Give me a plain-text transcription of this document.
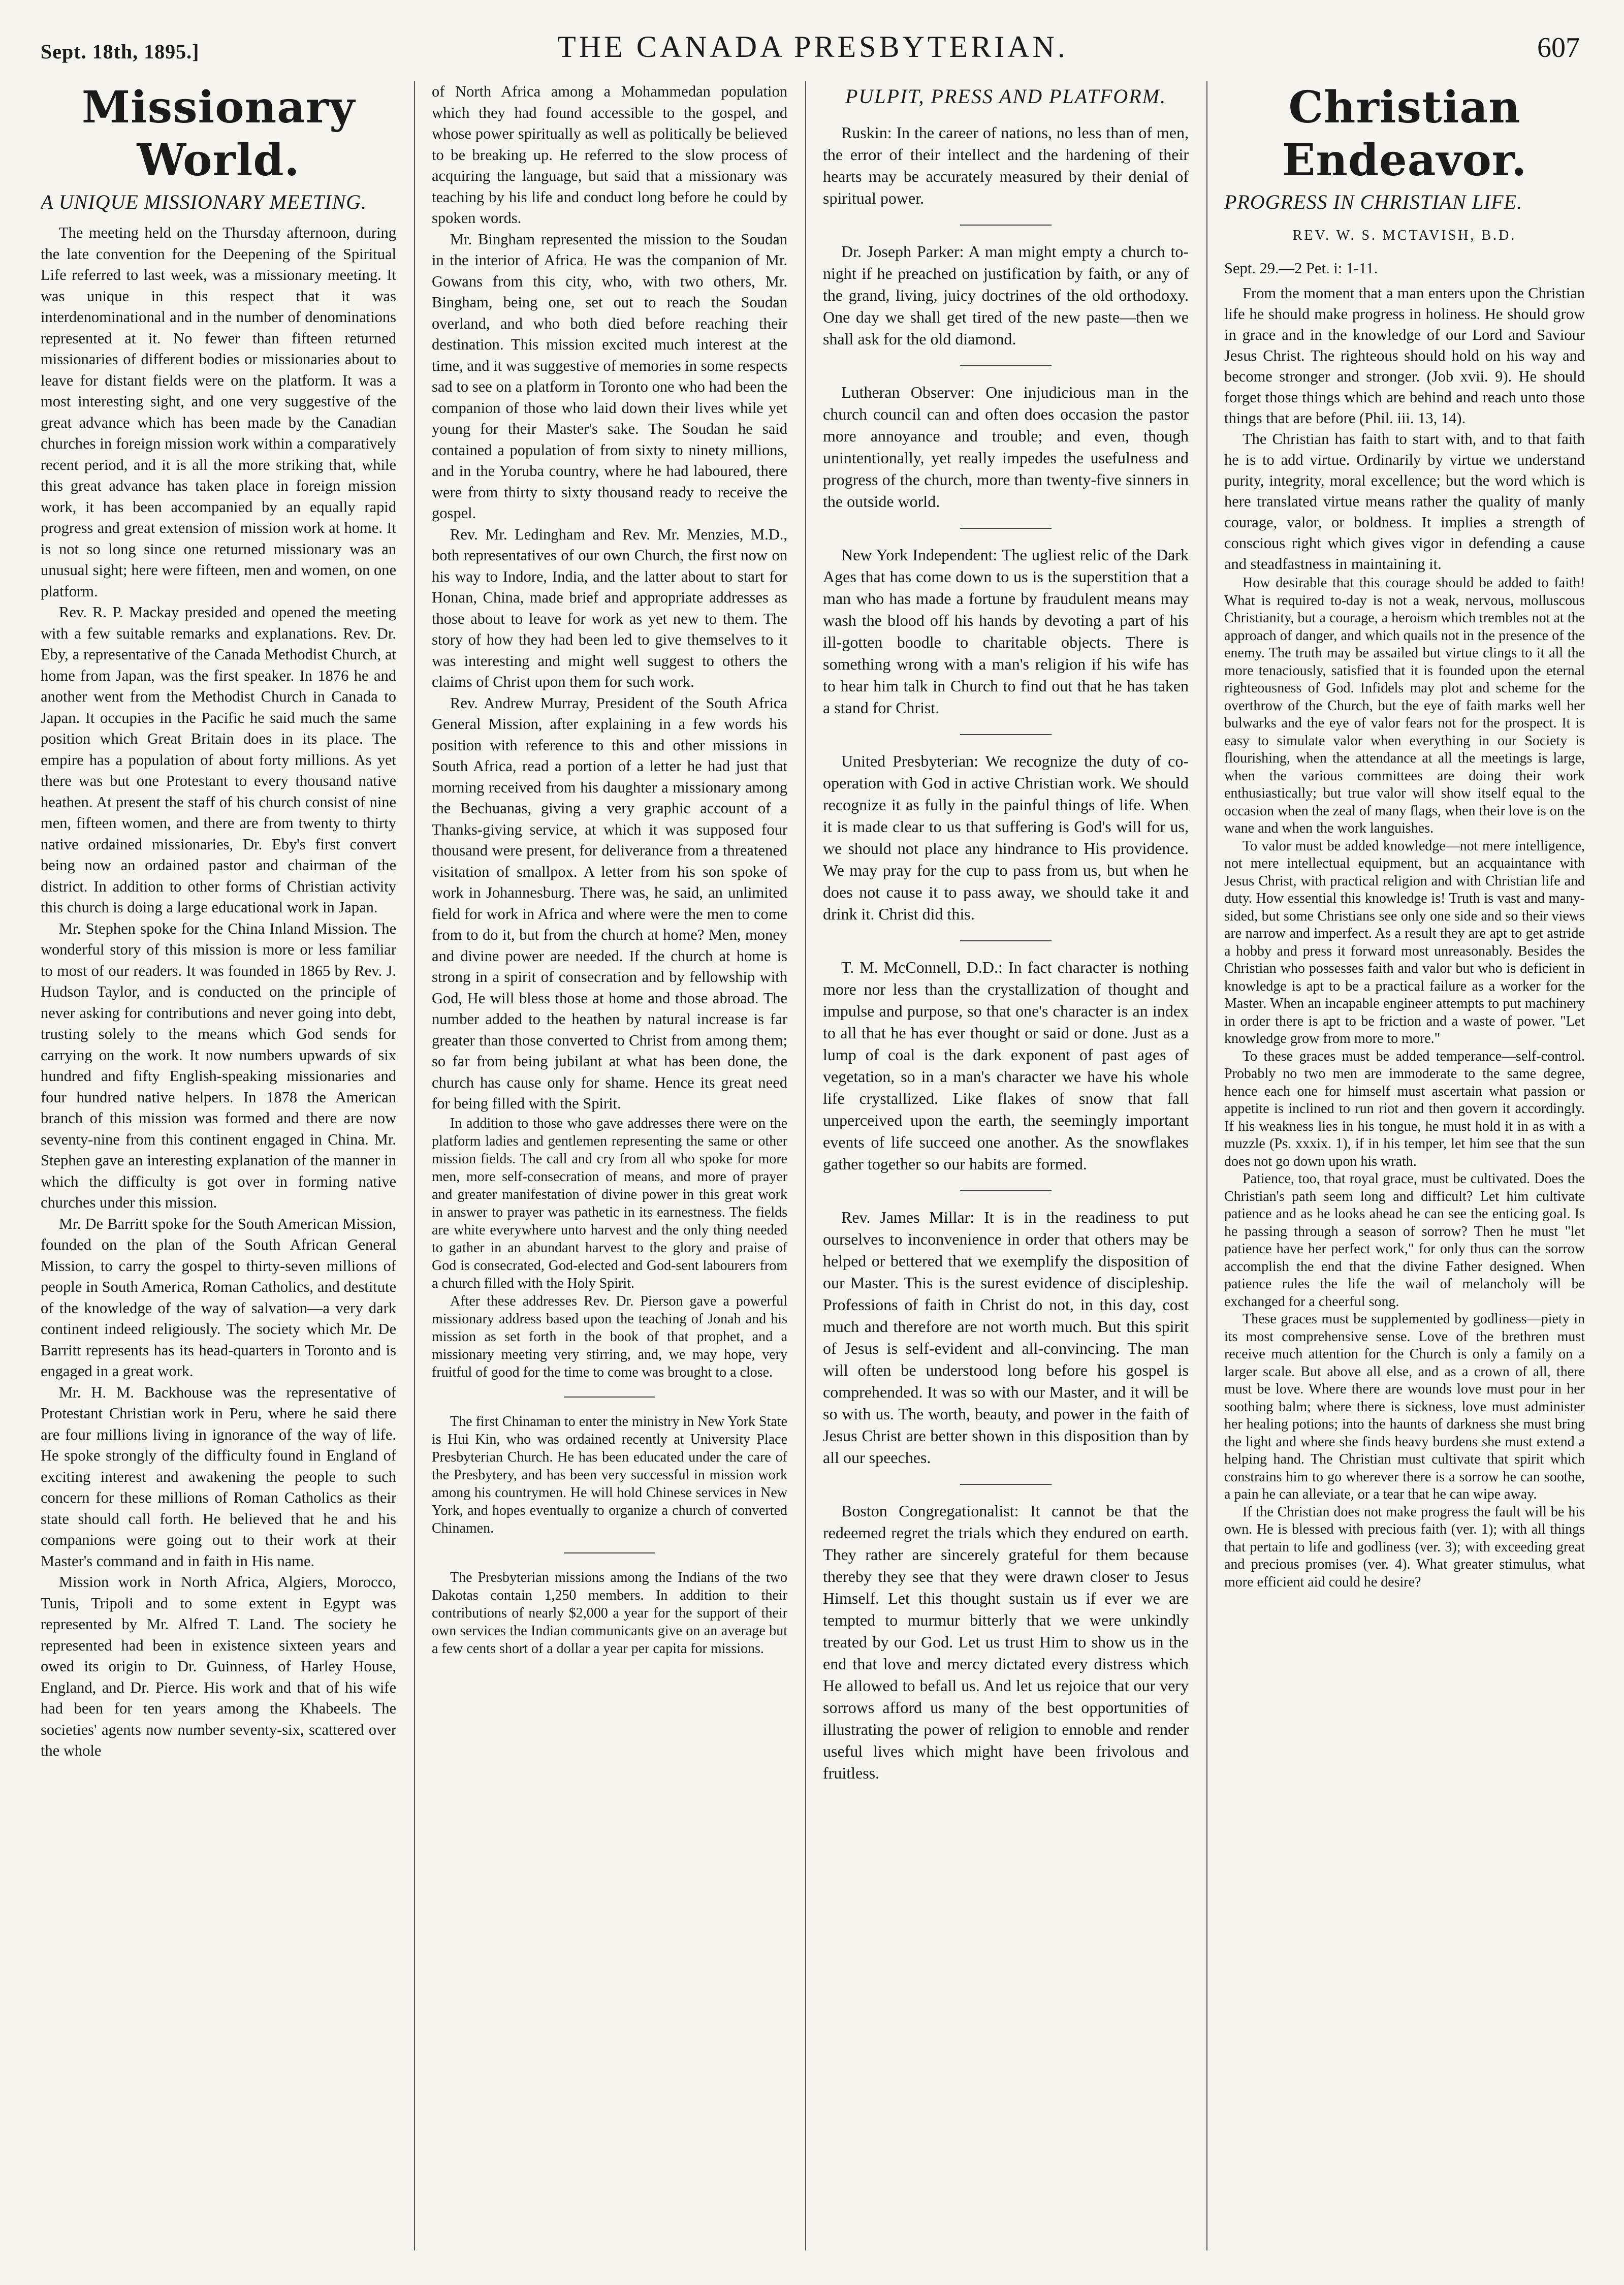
Sept. 18th, 1895.]	THE CANADA PRESBYTERIAN.	607
Missionary World.
A UNIQUE MISSIONARY MEETING.

The meeting held on the Thursday afternoon, during the late convention for the Deepening of the Spiritual Life referred to last week, was a missionary meeting. It was unique in this respect that it was interdenominational and in the number of denominations represented at it. No fewer than fifteen returned missionaries of different bodies or missionaries about to leave for distant fields were on the platform. It was a most interesting sight, and one very suggestive of the great advance which has been made by the Canadian churches in foreign mission work within a comparatively recent period, and it is all the more striking that, while this great advance has taken place in foreign mission work, it has been accompanied by an equally rapid progress and great extension of mission work at home. It is not so long since one returned missionary was an unusual sight; here were fifteen, men and women, on one platform.

Rev. R. P. Mackay presided and opened the meeting with a few suitable remarks and explanations. Rev. Dr. Eby, a representative of the Canada Methodist Church, at home from Japan, was the first speaker. In 1876 he and another went from the Methodist Church in Canada to Japan. It occupies in the Pacific he said much the same position which Great Britain does in its place. The empire has a population of about forty millions. As yet there was but one Protestant to every thousand native heathen. At present the staff of his church consist of nine men, fifteen women, and there are from twenty to thirty native ordained missionaries, Dr. Eby's first convert being now an ordained pastor and chairman of the district. In addition to other forms of Christian activity this church is doing a large educational work in Japan.

Mr. Stephen spoke for the China Inland Mission. The wonderful story of this mission is more or less familiar to most of our readers. It was founded in 1865 by Rev. J. Hudson Taylor, and is conducted on the principle of never asking for contributions and never going into debt, trusting solely to the means which God sends for carrying on the work. It now numbers upwards of six hundred and fifty English-speaking missionaries and four hundred native helpers. In 1878 the American branch of this mission was formed and there are now seventy-nine from this continent engaged in China. Mr. Stephen gave an interesting explanation of the manner in which the difficulty is got over in forming native churches under this mission.

Mr. De Barritt spoke for the South American Mission, founded on the plan of the South African General Mission, to carry the gospel to thirty-seven millions of people in South America, Roman Catholics, and destitute of the knowledge of the way of salvation—a very dark continent indeed religiously. The society which Mr. De Barritt represents has its head-quarters in Toronto and is engaged in a great work.

Mr. H. M. Backhouse was the representative of Protestant Christian work in Peru, where he said there are four millions living in ignorance of the way of life. He spoke strongly of the difficulty found in England of exciting interest and awakening the people to such concern for these millions of Roman Catholics as their state should call forth. He believed that he and his companions were going out to their work at their Master's command and in faith in His name.

Mission work in North Africa, Algiers, Morocco, Tunis, Tripoli and to some extent in Egypt was represented by Mr. Alfred T. Land. The society he represented had been in existence sixteen years and owed its origin to Dr. Guinness, of Harley House, England, and Dr. Pierce. His work and that of his wife had been for ten years among the Khabeels. The societies' agents now number seventy-six, scattered over the whole

of North Africa among a Mohammedan population which they had found accessible to the gospel, and whose power spiritually as well as politically be believed to be breaking up. He referred to the slow process of acquiring the language, but said that a missionary was teaching by his life and conduct long before he could by spoken words.

Mr. Bingham represented the mission to the Soudan in the interior of Africa. He was the companion of Mr. Gowans from this city, who, with two others, Mr. Bingham, being one, set out to reach the Soudan overland, and who both died before reaching their destination. This mission excited much interest at the time, and it was suggestive of memories in some respects sad to see on a platform in Toronto one who had been the companion of those who laid down their lives while yet young for their Master's sake. The Soudan he said contained a population of from sixty to ninety millions, and in the Yoruba country, where he had laboured, there were from thirty to sixty thousand ready to receive the gospel.

Rev. Mr. Ledingham and Rev. Mr. Menzies, M.D., both representatives of our own Church, the first now on his way to Indore, India, and the latter about to start for Honan, China, made brief and appropriate addresses as those about to leave for work as yet new to them. The story of how they had been led to give themselves to it was interesting and might well suggest to others the claims of Christ upon them for such work.

Rev. Andrew Murray, President of the South Africa General Mission, after explaining in a few words his position with reference to this and other missions in South Africa, read a portion of a letter he had just that morning received from his daughter a missionary among the Bechuanas, giving a very graphic account of a Thanks-giving service, at which it was supposed four thousand were present, for deliverance from a threatened visitation of smallpox. A letter from his son spoke of work in Johannesburg. There was, he said, an unlimited field for work in Africa and where were the men to come from to do it, but from the church at home? Men, money and divine power are needed. If the church at home is strong in a spirit of consecration and by fellowship with God, He will bless those at home and those abroad. The number added to the heathen by natural increase is far greater than those converted to Christ from among them; so far from being jubilant at what has been done, the church has cause only for shame. Hence its great need for being filled with the Spirit.

In addition to those who gave addresses there were on the platform ladies and gentlemen representing the same or other mission fields. The call and cry from all who spoke for more men, more self-consecration of means, and more of prayer and greater manifestation of divine power in this great work in answer to prayer was pathetic in its earnestness. The fields are white everywhere unto harvest and the only thing needed to gather in an abundant harvest to the glory and praise of God is consecrated, God-elected and God-sent labourers from a church filled with the Holy Spirit.

After these addresses Rev. Dr. Pierson gave a powerful missionary address based upon the teaching of Jonah and his mission as set forth in the book of that prophet, and a missionary meeting very stirring, and, we may hope, very fruitful of good for the time to come was brought to a close.

The first Chinaman to enter the ministry in New York State is Hui Kin, who was ordained recently at University Place Presbyterian Church. He has been educated under the care of the Presbytery, and has been very successful in mission work among his countrymen. He will hold Chinese services in New York, and hopes eventually to organize a church of converted Chinamen.

The Presbyterian missions among the Indians of the two Dakotas contain 1,250 members. In addition to their contributions of nearly $2,000 a year for the support of their own services the Indian communicants give on an average but a few cents short of a dollar a year per capita for missions.

PULPIT, PRESS AND PLATFORM.

Ruskin: In the career of nations, no less than of men, the error of their intellect and the hardening of their hearts may be accurately measured by their denial of spiritual power.

Dr. Joseph Parker: A man might empty a church to-night if he preached on justification by faith, or any of the grand, living, juicy doctrines of the old orthodoxy. One day we shall get tired of the new paste—then we shall ask for the old diamond.

Lutheran Observer: One injudicious man in the church council can and often does occasion the pastor more annoyance and trouble; and even, though unintentionally, yet really impedes the usefulness and progress of the church, more than twenty-five sinners in the outside world.

New York Independent: The ugliest relic of the Dark Ages that has come down to us is the superstition that a man who has made a fortune by fraudulent means may wash the blood off his hands by devoting a part of his ill-gotten boodle to charitable objects. There is something wrong with a man's religion if his wife has to hear him talk in Church to find out that he has taken a stand for Christ.

United Presbyterian: We recognize the duty of co-operation with God in active Christian work. We should recognize it as fully in the painful things of life. When it is made clear to us that suffering is God's will for us, we should not place any hindrance to His providence. We may pray for the cup to pass from us, but when he does not cause it to pass away, we should take it and drink it. Christ did this.

T. M. McConnell, D.D.: In fact character is nothing more nor less than the crystallization of thought and impulse and purpose, so that one's character is an index to all that he has ever thought or said or done. Just as a lump of coal is the dark exponent of past ages of vegetation, so in a man's character we have his whole life crystallized. Like flakes of snow that fall unperceived upon the earth, the seemingly important events of life succeed one another. As the snowflakes gather together so our habits are formed.

Rev. James Millar: It is in the readiness to put ourselves to inconvenience in order that others may be helped or bettered that we exemplify the disposition of our Master. This is the surest evidence of discipleship. Professions of faith in Christ do not, in this day, cost much and therefore are not worth much. But this spirit of Jesus is self-evident and all-convincing. The man will often be understood long before his gospel is comprehended. It was so with our Master, and it will be so with us. The worth, beauty, and power in the faith of Jesus Christ are better shown in this disposition than by all our speeches.

Boston Congregationalist: It cannot be that the redeemed regret the trials which they endured on earth. They rather are sincerely grateful for them because thereby they see that they were drawn closer to Jesus Himself. Let this thought sustain us if ever we are tempted to murmur bitterly that we were unkindly treated by our God. Let us trust Him to show us in the end that love and mercy dictated every distress which He allowed to befall us. And let us rejoice that our very sorrows afford us many of the best opportunities of illustrating the power of religion to ennoble and render useful lives which might have been frivolous and fruitless.

Christian Endeavor.
PROGRESS IN CHRISTIAN LIFE.
REV. W. S. MCTAVISH, B.D.

Sept. 29.—2 Pet. i: 1-11.

From the moment that a man enters upon the Christian life he should make progress in holiness. He should grow in grace and in the knowledge of our Lord and Saviour Jesus Christ. The righteous should hold on his way and become stronger and stronger. (Job xvii. 9). He should forget those things which are behind and reach unto those things that are before (Phil. iii. 13, 14).

The Christian has faith to start with, and to that faith he is to add virtue. Ordinarily by virtue we understand purity, integrity, moral excellence; but the word which is here translated virtue means rather the quality of manly courage, valor, or boldness. It implies a strength of conscious right which gives vigor in defending a cause and steadfastness in maintaining it.

How desirable that this courage should be added to faith! What is required to-day is not a weak, nervous, molluscous Christianity, but a courage, a heroism which trembles not at the approach of danger, and which quails not in the presence of the enemy. The truth may be assailed but virtue clings to it all the more tenaciously, satisfied that it is founded upon the eternal righteousness of God. Infidels may plot and scheme for the overthrow of the Church, but the eye of faith marks well her bulwarks and the eye of valor fears not for the prospect. It is easy to simulate valor when everything in our Society is flourishing, when the attendance at all the meetings is large, when the various committees are doing their work enthusiastically; but true valor will show itself equal to the occasion when the zeal of many flags, when their love is on the wane and when the work languishes.

To valor must be added knowledge—not mere intelligence, not mere intellectual equipment, but an acquaintance with Jesus Christ, with practical religion and with Christian life and duty. How essential this knowledge is! Truth is vast and many-sided, but some Christians see only one side and so their views are narrow and imperfect. As a result they are apt to get astride a hobby and press it forward most unreasonably. Besides the Christian who possesses faith and valor but who is deficient in knowledge is apt to be a practical failure as a worker for the Master. When an incapable engineer attempts to put machinery in order there is apt to be friction and a waste of power. "Let knowledge grow from more to more."

To these graces must be added temperance—self-control. Probably no two men are immoderate to the same degree, hence each one for himself must ascertain what passion or appetite is inclined to run riot and then govern it accordingly. If his weakness lies in his tongue, he must hold it in as with a muzzle (Ps. xxxix. 1), if in his temper, let him see that the sun does not go down upon his wrath.

Patience, too, that royal grace, must be cultivated. Does the Christian's path seem long and difficult? Let him cultivate patience and as he looks ahead he can see the enticing goal. Is he passing through a season of sorrow? Then he must "let patience have her perfect work," for only thus can the sorrow accomplish the end that the divine Father designed. When patience rules the life the wail of melancholy will be exchanged for a cheerful song.

These graces must be supplemented by godliness—piety in its most comprehensive sense. Love of the brethren must receive much attention for the Church is only a family on a larger scale. But above all else, and as a crown of all, there must be love. Where there are wounds love must pour in her soothing balm; where there is sickness, love must administer her healing potions; into the haunts of darkness she must bring the light and where she finds heavy burdens she must extend a helping hand. The Christian must cultivate that spirit which constrains him to go wherever there is a sorrow he can soothe, a pain he can alleviate, or a tear that he can wipe away.

If the Christian does not make progress the fault will be his own. He is blessed with precious faith (ver. 1); with all things that pertain to life and godliness (ver. 3); with exceeding great and precious promises (ver. 4). What greater stimulus, what more efficient aid could he desire?
